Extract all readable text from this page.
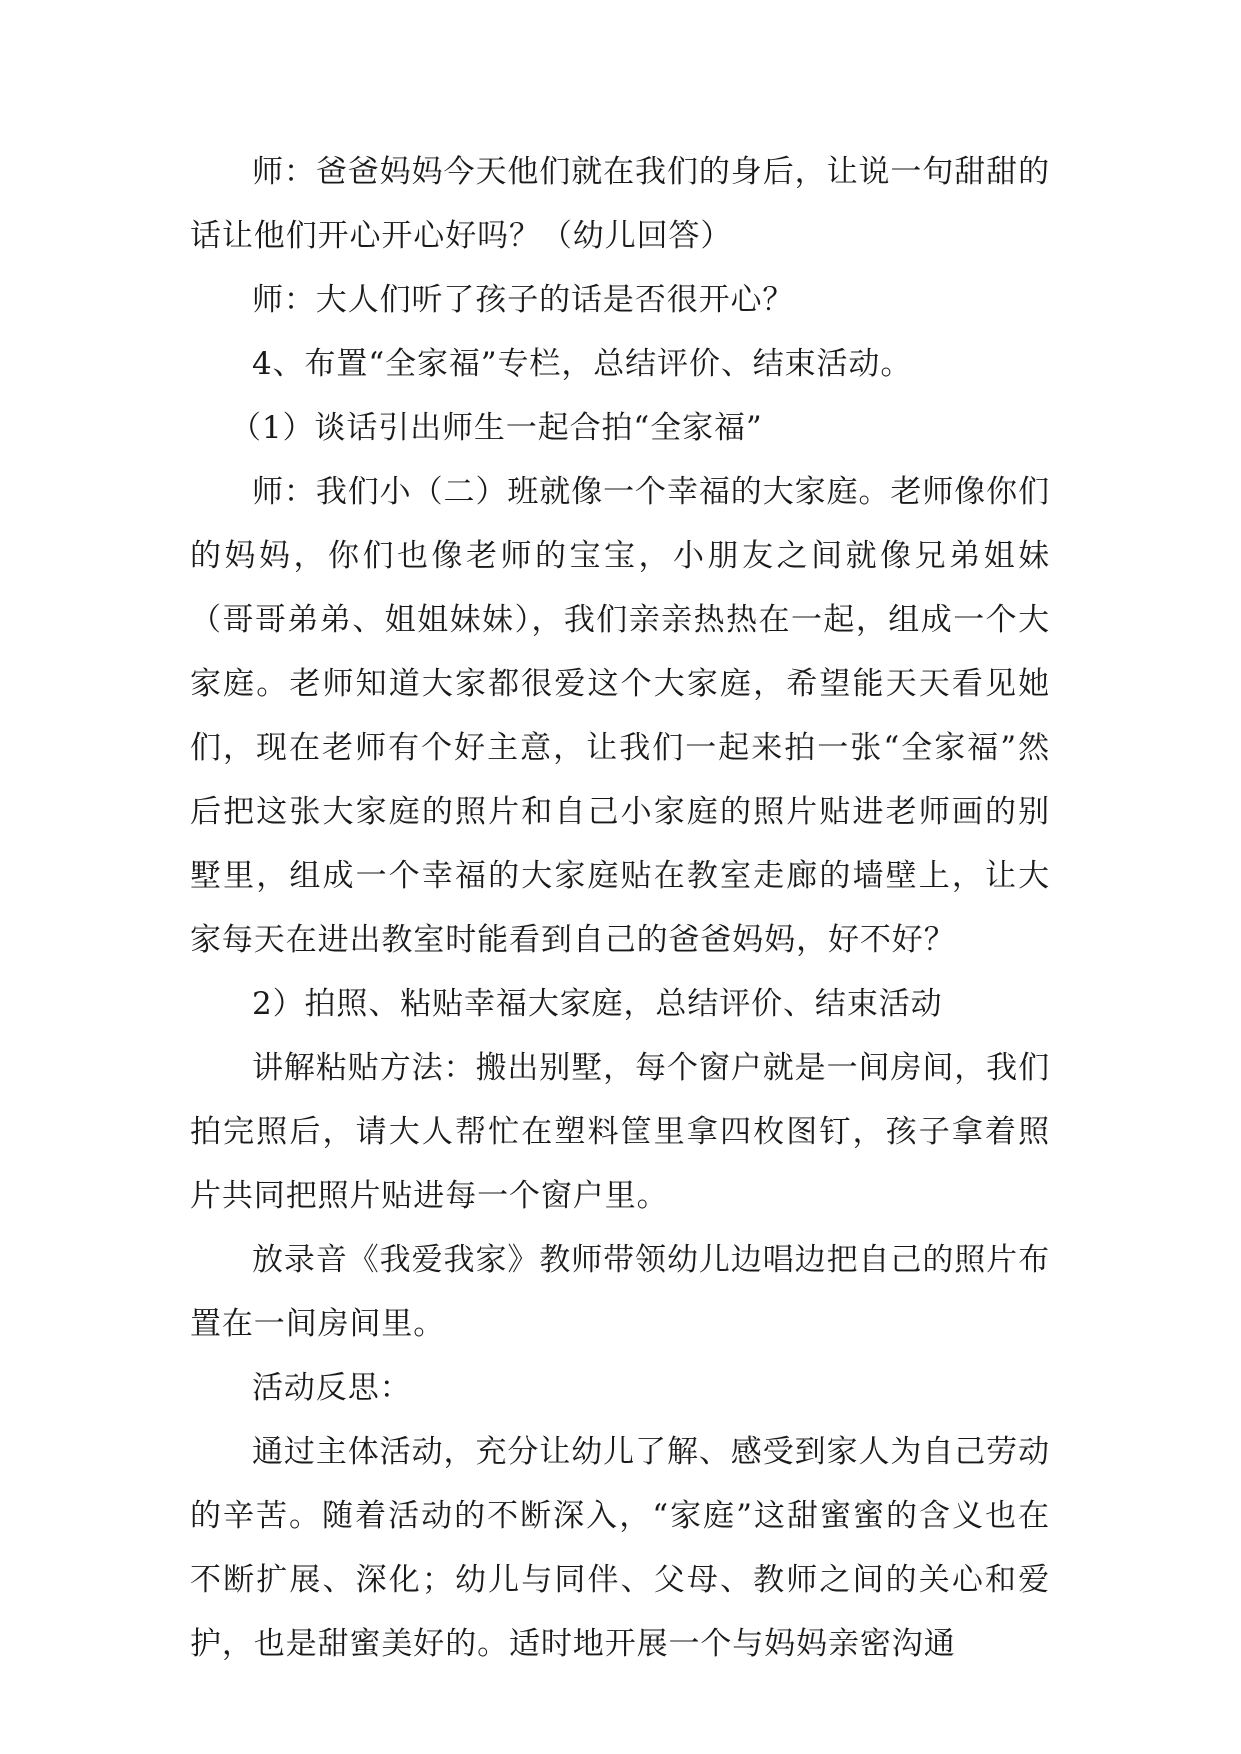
师：爸爸妈妈今天他们就在我们的身后，让说一句甜甜的话让他们开心开心好吗？（幼儿回答）

师：大人们听了孩子的话是否很开心？

4、布置“全家福”专栏，总结评价、结束活动。

（1）谈话引出师生一起合拍“全家福”

师：我们小（二）班就像一个幸福的大家庭。老师像你们的妈妈，你们也像老师的宝宝，小朋友之间就像兄弟姐妹（哥哥弟弟、姐姐妹妹），我们亲亲热热在一起，组成一个大家庭。老师知道大家都很爱这个大家庭，希望能天天看见她们，现在老师有个好主意，让我们一起来拍一张“全家福”然后把这张大家庭的照片和自己小家庭的照片贴进老师画的别墅里，组成一个幸福的大家庭贴在教室走廊的墙壁上，让大家每天在进出教室时能看到自己的爸爸妈妈，好不好？

2）拍照、粘贴幸福大家庭，总结评价、结束活动

讲解粘贴方法：搬出别墅，每个窗户就是一间房间，我们拍完照后，请大人帮忙在塑料筐里拿四枚图钉，孩子拿着照片共同把照片贴进每一个窗户里。

放录音《我爱我家》教师带领幼儿边唱边把自己的照片布置在一间房间里。

活动反思：

通过主体活动，充分让幼儿了解、感受到家人为自己劳动的辛苦。随着活动的不断深入，“家庭”这甜蜜蜜的含义也在不断扩展、深化；幼儿与同伴、父母、教师之间的关心和爱护，也是甜蜜美好的。适时地开展一个与妈妈亲密沟通
